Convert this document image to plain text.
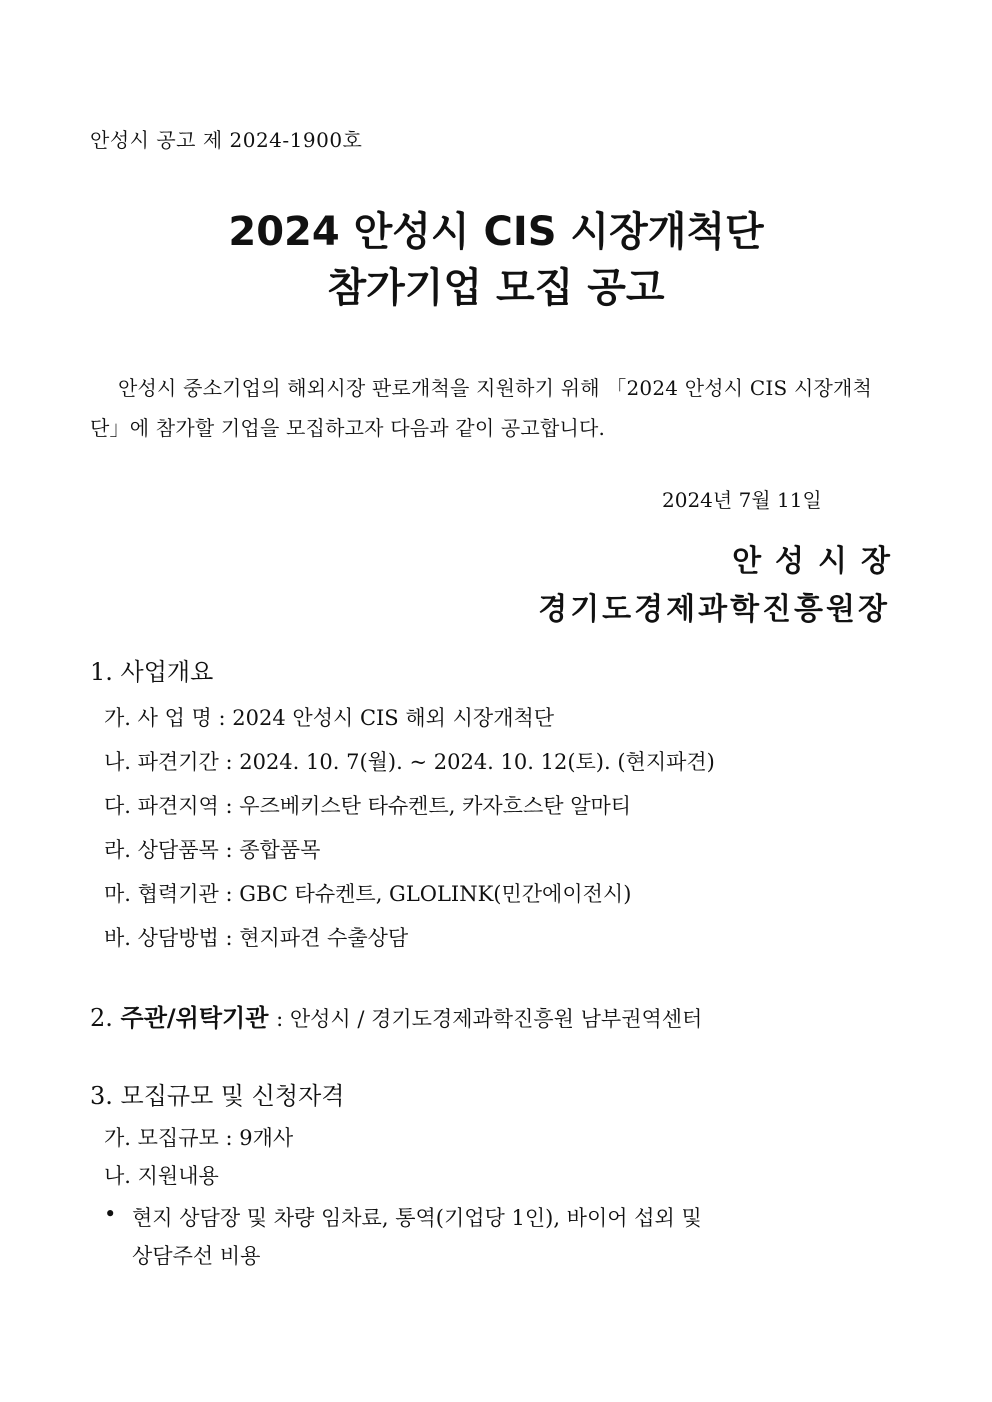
안성시 공고 제 2024-1900호
2024 안성시 CIS 시장개척단
참가기업 모집 공고
안성시 중소기업의 해외시장 판로개척을 지원하기 위해 「2024 안성시 CIS 시장개척단」에 참가할 기업을 모집하고자 다음과 같이 공고합니다.
2024년 7월 11일
안성시장
경기도경제과학진흥원장
1. 사업개요
가. 사 업 명 : 2024 안성시 CIS 해외 시장개척단
나. 파견기간 : 2024. 10. 7(월). ~ 2024. 10. 12(토). (현지파견)
다. 파견지역 : 우즈베키스탄 타슈켄트, 카자흐스탄 알마티
라. 상담품목 : 종합품목
마. 협력기관 : GBC 타슈켄트, GLOLINK(민간에이전시)
바. 상담방법 : 현지파견 수출상담
2. 주관/위탁기관 : 안성시 / 경기도경제과학진흥원 남부권역센터
3. 모집규모 및 신청자격
가. 모집규모 : 9개사
나. 지원내용
• 현지 상담장 및 차량 임차료, 통역(기업당 1인), 바이어 섭외 및
상담주선 비용
